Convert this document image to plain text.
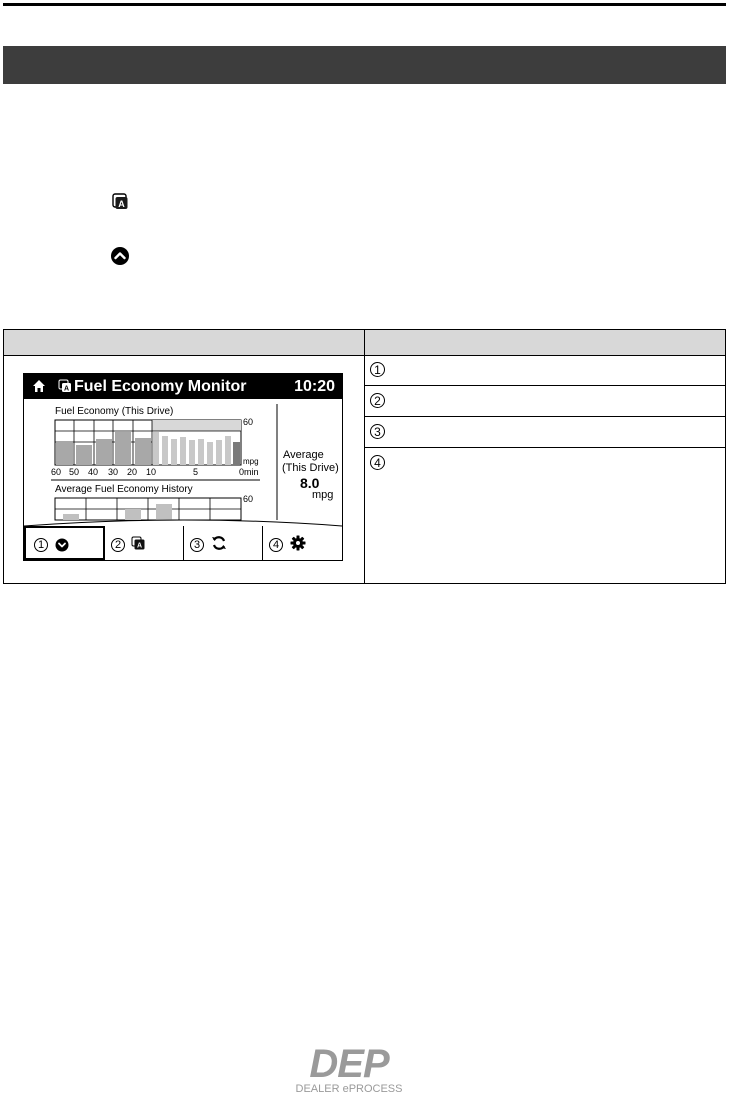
A
1
2
3
4
A Fuel Economy Monitor	10:20
Fuel Economy (This Drive)
60
mpg
60 50 40 30 20 10	5	0min
Average Fuel Economy History
60
Average
(This Drive)
8.0
mpg
1	2	A	3	4
DEP
DEALER ePROCESS
